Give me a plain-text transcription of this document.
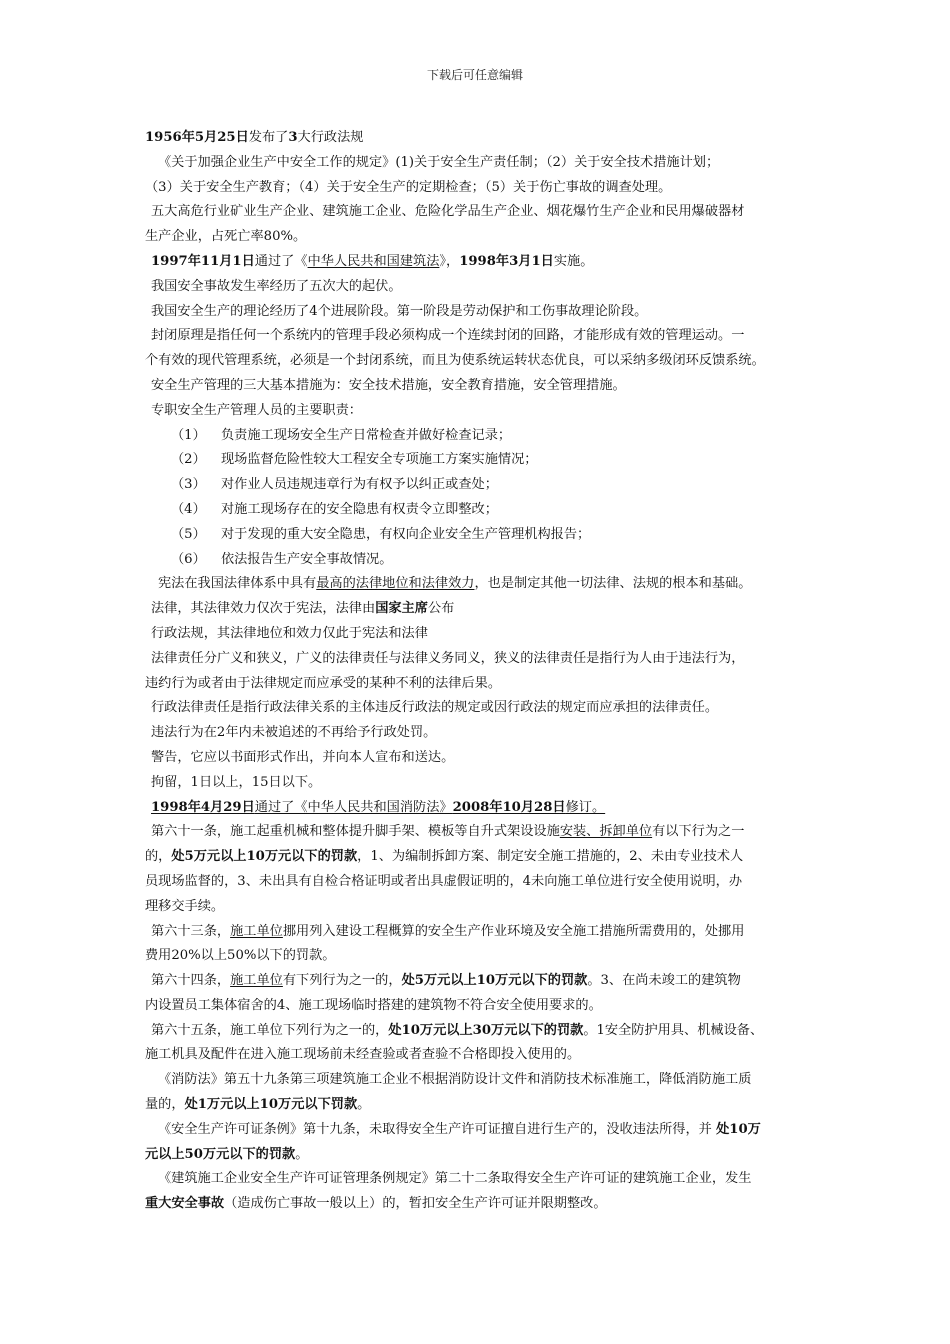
下载后可任意编辑

1956年5月25日发布了3大行政法规

《关于加强企业生产中安全工作的规定》(1)关于安全生产责任制；（2）关于安全技术措施计划；

（3）关于安全生产教育；（4）关于安全生产的定期检查；（5）关于伤亡事故的调查处理。

五大高危行业矿业生产企业、建筑施工企业、危险化学品生产企业、烟花爆竹生产企业和民用爆破器材

生产企业，占死亡率80%。

1997年11月1日通过了《中华人民共和国建筑法》，1998年3月1日实施。

我国安全事故发生率经历了五次大的起伏。

我国安全生产的理论经历了4个进展阶段。第一阶段是劳动保护和工伤事故理论阶段。

封闭原理是指任何一个系统内的管理手段必须构成一个连续封闭的回路，才能形成有效的管理运动。一

个有效的现代管理系统，必须是一个封闭系统，而且为使系统运转状态优良，可以采纳多级闭环反馈系统。

安全生产管理的三大基本措施为：安全技术措施，安全教育措施，安全管理措施。

专职安全生产管理人员的主要职责：

（1）	负责施工现场安全生产日常检查并做好检查记录；
（2）	现场监督危险性较大工程安全专项施工方案实施情况；
（3）	对作业人员违规违章行为有权予以纠正或查处；
（4）	对施工现场存在的安全隐患有权责令立即整改；
（5）	对于发现的重大安全隐患，有权向企业安全生产管理机构报告；
（6）	依法报告生产安全事故情况。

宪法在我国法律体系中具有最高的法律地位和法律效力，也是制定其他一切法律、法规的根本和基础。

法律，其法律效力仅次于宪法，法律由国家主席公布

行政法规，其法律地位和效力仅此于宪法和法律

法律责任分广义和狭义，广义的法律责任与法律义务同义，狭义的法律责任是指行为人由于违法行为，

违约行为或者由于法律规定而应承受的某种不利的法律后果。

行政法律责任是指行政法律关系的主体违反行政法的规定或因行政法的规定而应承担的法律责任。

违法行为在2年内未被追述的不再给予行政处罚。

警告，它应以书面形式作出，并向本人宣布和送达。

拘留，1日以上，15日以下。

1998年4月29日通过了《中华人民共和国消防法》2008年10月28日修订。

第六十一条，施工起重机械和整体提升脚手架、模板等自升式架设设施安装、拆卸单位有以下行为之一

的，处5万元以上10万元以下的罚款，1、为编制拆卸方案、制定安全施工措施的，2、未由专业技术人

员现场监督的，3、未出具有自检合格证明或者出具虚假证明的，4未向施工单位进行安全使用说明，办

理移交手续。

第六十三条，施工单位挪用列入建设工程概算的安全生产作业环境及安全施工措施所需费用的，处挪用

费用20%以上50%以下的罚款。

第六十四条，施工单位有下列行为之一的，处5万元以上10万元以下的罚款。3、在尚未竣工的建筑物

内设置员工集体宿舍的4、施工现场临时搭建的建筑物不符合安全使用要求的。

第六十五条，施工单位下列行为之一的，处10万元以上30万元以下的罚款。1安全防护用具、机械设备、

施工机具及配件在进入施工现场前未经查验或者查验不合格即投入使用的。

《消防法》第五十九条第三项建筑施工企业不根据消防设计文件和消防技术标准施工，降低消防施工质

量的，处1万元以上10万元以下罚款。

《安全生产许可证条例》第十九条，未取得安全生产许可证擅自进行生产的，没收违法所得，并 处10万

元以上50万元以下的罚款。

《建筑施工企业安全生产许可证管理条例规定》第二十二条取得安全生产许可证的建筑施工企业，发生

重大安全事故（造成伤亡事故一般以上）的，暂扣安全生产许可证并限期整改。
